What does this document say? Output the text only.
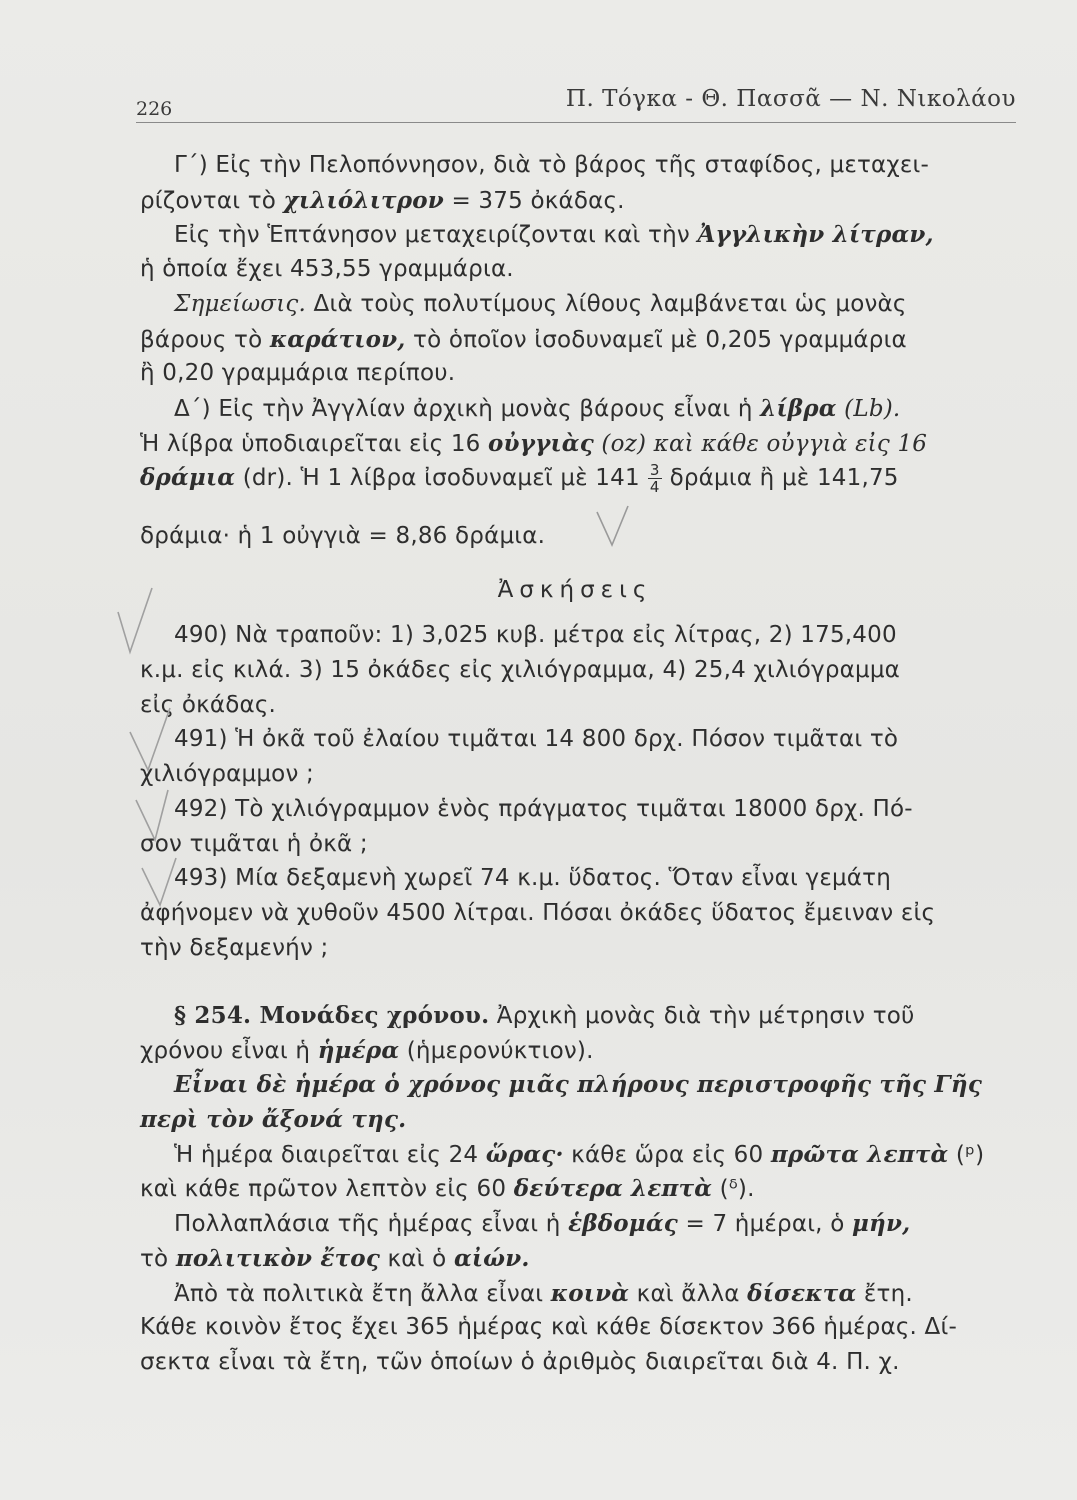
226	Π. Τόγκα - Θ. Πασσᾶ — Ν. Νικολάου
Γ΄) Εἰς τὴν Πελοπόννησον, διὰ τὸ βάρος τῆς σταφίδος, μεταχει-
ρίζονται τὸ χιλιόλιτρον = 375 ὀκάδας.
Εἰς τὴν Ἑπτάνησον μεταχειρίζονται καὶ τὴν Ἀγγλικὴν λίτραν,
ἡ ὁποία ἔχει 453,55 γραμμάρια.
Σημείωσις. Διὰ τοὺς πολυτίμους λίθους λαμβάνεται ὡς μονὰς
βάρους τὸ καράτιον, τὸ ὁποῖον ἰσοδυναμεῖ μὲ 0,205 γραμμάρια
ἢ 0,20 γραμμάρια περίπου.
Δ΄) Εἰς τὴν Ἀγγλίαν ἀρχικὴ μονὰς βάρους εἶναι ἡ λίβρα (Lb).
Ἡ λίβρα ὑποδιαιρεῖται εἰς 16 οὐγγιὰς (oz) καὶ κάθε οὐγγιὰ εἰς 16
δράμια (dr). Ἡ 1 λίβρα ἰσοδυναμεῖ μὲ $141 \frac{3}{4}$ δράμια ἢ μὲ 141,75
δράμια· ἡ 1 οὐγγιὰ = 8,86 δράμια.
Ἀσκήσεις
490) Νὰ τραποῦν: 1) 3,025 κυβ. μέτρα εἰς λίτρας, 2) 175,400
κ.μ. εἰς κιλά. 3) 15 ὀκάδες εἰς χιλιόγραμμα, 4) 25,4 χιλιόγραμμα
εἰς ὀκάδας.
491) Ἡ ὀκᾶ τοῦ ἐλαίου τιμᾶται 14 800 δρχ. Πόσον τιμᾶται τὸ
χιλιόγραμμον ;
492) Τὸ χιλιόγραμμον ἑνὸς πράγματος τιμᾶται 18000 δρχ. Πό-
σον τιμᾶται ἡ ὀκᾶ ;
493) Μία δεξαμενὴ χωρεῖ 74 κ.μ. ὕδατος. Ὅταν εἶναι γεμάτη
ἀφήνομεν νὰ χυθοῦν 4500 λίτραι. Πόσαι ὀκάδες ὕδατος ἔμειναν εἰς
τὴν δεξαμενήν ;
§ 254. Μονάδες χρόνου. Ἀρχικὴ μονὰς διὰ τὴν μέτρησιν τοῦ
χρόνου εἶναι ἡ ἡμέρα (ἡμερονύκτιον).
Εἶναι δὲ ἡμέρα ὁ χρόνος μιᾶς πλήρους περιστροφῆς τῆς Γῆς
περὶ τὸν ἄξονά της.
Ἡ ἡμέρα διαιρεῖται εἰς 24 ὥρας· κάθε ὥρα εἰς 60 πρῶτα λεπτὰ (ᵖ)
καὶ κάθε πρῶτον λεπτὸν εἰς 60 δεύτερα λεπτὰ (ᵟ).
Πολλαπλάσια τῆς ἡμέρας εἶναι ἡ ἑβδομάς = 7 ἡμέραι, ὁ μήν,
τὸ πολιτικὸν ἔτος καὶ ὁ αἰών.
Ἀπὸ τὰ πολιτικὰ ἔτη ἄλλα εἶναι κοινὰ καὶ ἄλλα δίσεκτα ἔτη.
Κάθε κοινὸν ἔτος ἔχει 365 ἡμέρας καὶ κάθε δίσεκτον 366 ἡμέρας. Δί-
σεκτα εἶναι τὰ ἔτη, τῶν ὁποίων ὁ ἀριθμὸς διαιρεῖται διὰ 4. Π. χ.
